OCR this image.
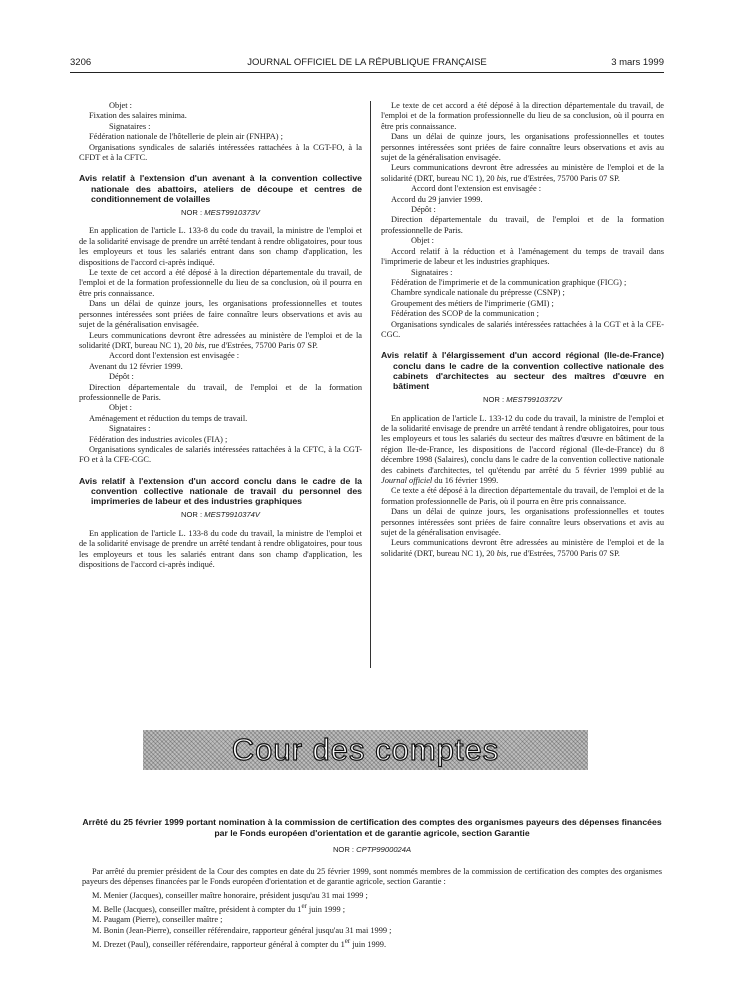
3206	JOURNAL OFFICIEL DE LA RÉPUBLIQUE FRANÇAISE	3 mars 1999

Objet :

Fixation des salaires minima.

Signataires :

Fédération nationale de l'hôtellerie de plein air (FNHPA) ;

Organisations syndicales de salariés intéressées rattachées à la CGT-FO, à la CFDT et à la CFTC.

Avis relatif à l'extension d'un avenant à la convention collective nationale des abattoirs, ateliers de découpe et centres de conditionnement de volailles

NOR : MEST9910373V

En application de l'article L. 133-8 du code du travail, la ministre de l'emploi et de la solidarité envisage de prendre un arrêté tendant à rendre obligatoires, pour tous les employeurs et tous les salariés entrant dans son champ d'application, les dispositions de l'accord ci-après indiqué.

Le texte de cet accord a été déposé à la direction départementale du travail, de l'emploi et de la formation professionnelle du lieu de sa conclusion, où il pourra en être pris connaissance.

Dans un délai de quinze jours, les organisations professionnelles et toutes personnes intéressées sont priées de faire connaître leurs observations et avis au sujet de la généralisation envisagée.

Leurs communications devront être adressées au ministère de l'emploi et de la solidarité (DRT, bureau NC 1), 20 bis, rue d'Estrées, 75700 Paris 07 SP.

Accord dont l'extension est envisagée :

Avenant du 12 février 1999.

Dépôt :

Direction départementale du travail, de l'emploi et de la formation professionnelle de Paris.

Objet :

Aménagement et réduction du temps de travail.

Signataires :

Fédération des industries avicoles (FIA) ;

Organisations syndicales de salariés intéressées rattachées à la CFTC, à la CGT-FO et à la CFE-CGC.

Avis relatif à l'extension d'un accord conclu dans le cadre de la convention collective nationale de travail du personnel des imprimeries de labeur et des industries graphiques

NOR : MEST9910374V

En application de l'article L. 133-8 du code du travail, la ministre de l'emploi et de la solidarité envisage de prendre un arrêté tendant à rendre obligatoires, pour tous les employeurs et tous les salariés entrant dans son champ d'application, les dispositions de l'accord ci-après indiqué.

Le texte de cet accord a été déposé à la direction départementale du travail, de l'emploi et de la formation professionnelle du lieu de sa conclusion, où il pourra en être pris connaissance.

Dans un délai de quinze jours, les organisations professionnelles et toutes personnes intéressées sont priées de faire connaître leurs observations et avis au sujet de la généralisation envisagée.

Leurs communications devront être adressées au ministère de l'emploi et de la solidarité (DRT, bureau NC 1), 20 bis, rue d'Estrées, 75700 Paris 07 SP.

Accord dont l'extension est envisagée :

Accord du 29 janvier 1999.

Dépôt :

Direction départementale du travail, de l'emploi et de la formation professionnelle de Paris.

Objet :

Accord relatif à la réduction et à l'aménagement du temps de travail dans l'imprimerie de labeur et les industries graphiques.

Signataires :

Fédération de l'imprimerie et de la communication graphique (FICG) ;

Chambre syndicale nationale du prépresse (CSNP) ;

Groupement des métiers de l'imprimerie (GMI) ;

Fédération des SCOP de la communication ;

Organisations syndicales de salariés intéressées rattachées à la CGT et à la CFE-CGC.

Avis relatif à l'élargissement d'un accord régional (Ile-de-France) conclu dans le cadre de la convention collective nationale des cabinets d'architectes au secteur des maîtres d'œuvre en bâtiment

NOR : MEST9910372V

En application de l'article L. 133-12 du code du travail, la ministre de l'emploi et de la solidarité envisage de prendre un arrêté tendant à rendre obligatoires, pour tous les employeurs et tous les salariés du secteur des maîtres d'œuvre en bâtiment de la région Ile-de-France, les dispositions de l'accord régional (Ile-de-France) du 8 décembre 1998 (Salaires), conclu dans le cadre de la convention collective nationale des cabinets d'architectes, tel qu'étendu par arrêté du 5 février 1999 publié au Journal officiel du 16 février 1999.

Ce texte a été déposé à la direction départementale du travail, de l'emploi et de la formation professionnelle de Paris, où il pourra en être pris connaissance.

Dans un délai de quinze jours, les organisations professionnelles et toutes personnes intéressées sont priées de faire connaître leurs observations et avis au sujet de la généralisation envisagée.

Leurs communications devront être adressées au ministère de l'emploi et de la solidarité (DRT, bureau NC 1), 20 bis, rue d'Estrées, 75700 Paris 07 SP.

Cour des comptes
Arrêté du 25 février 1999 portant nomination à la commission de certification des comptes des organismes payeurs des dépenses financées par le Fonds européen d'orientation et de garantie agricole, section Garantie
NOR : CPTP9900024A

Par arrêté du premier président de la Cour des comptes en date du 25 février 1999, sont nommés membres de la commission de certification des comptes des organismes payeurs des dépenses financées par le Fonds européen d'orientation et de garantie agricole, section Garantie :

M. Menier (Jacques), conseiller maître honoraire, président jusqu'au 31 mai 1999 ;

M. Belle (Jacques), conseiller maître, président à compter du 1er juin 1999 ;

M. Paugam (Pierre), conseiller maître ;

M. Bonin (Jean-Pierre), conseiller référendaire, rapporteur général jusqu'au 31 mai 1999 ;

M. Drezet (Paul), conseiller référendaire, rapporteur général à compter du 1er juin 1999.
